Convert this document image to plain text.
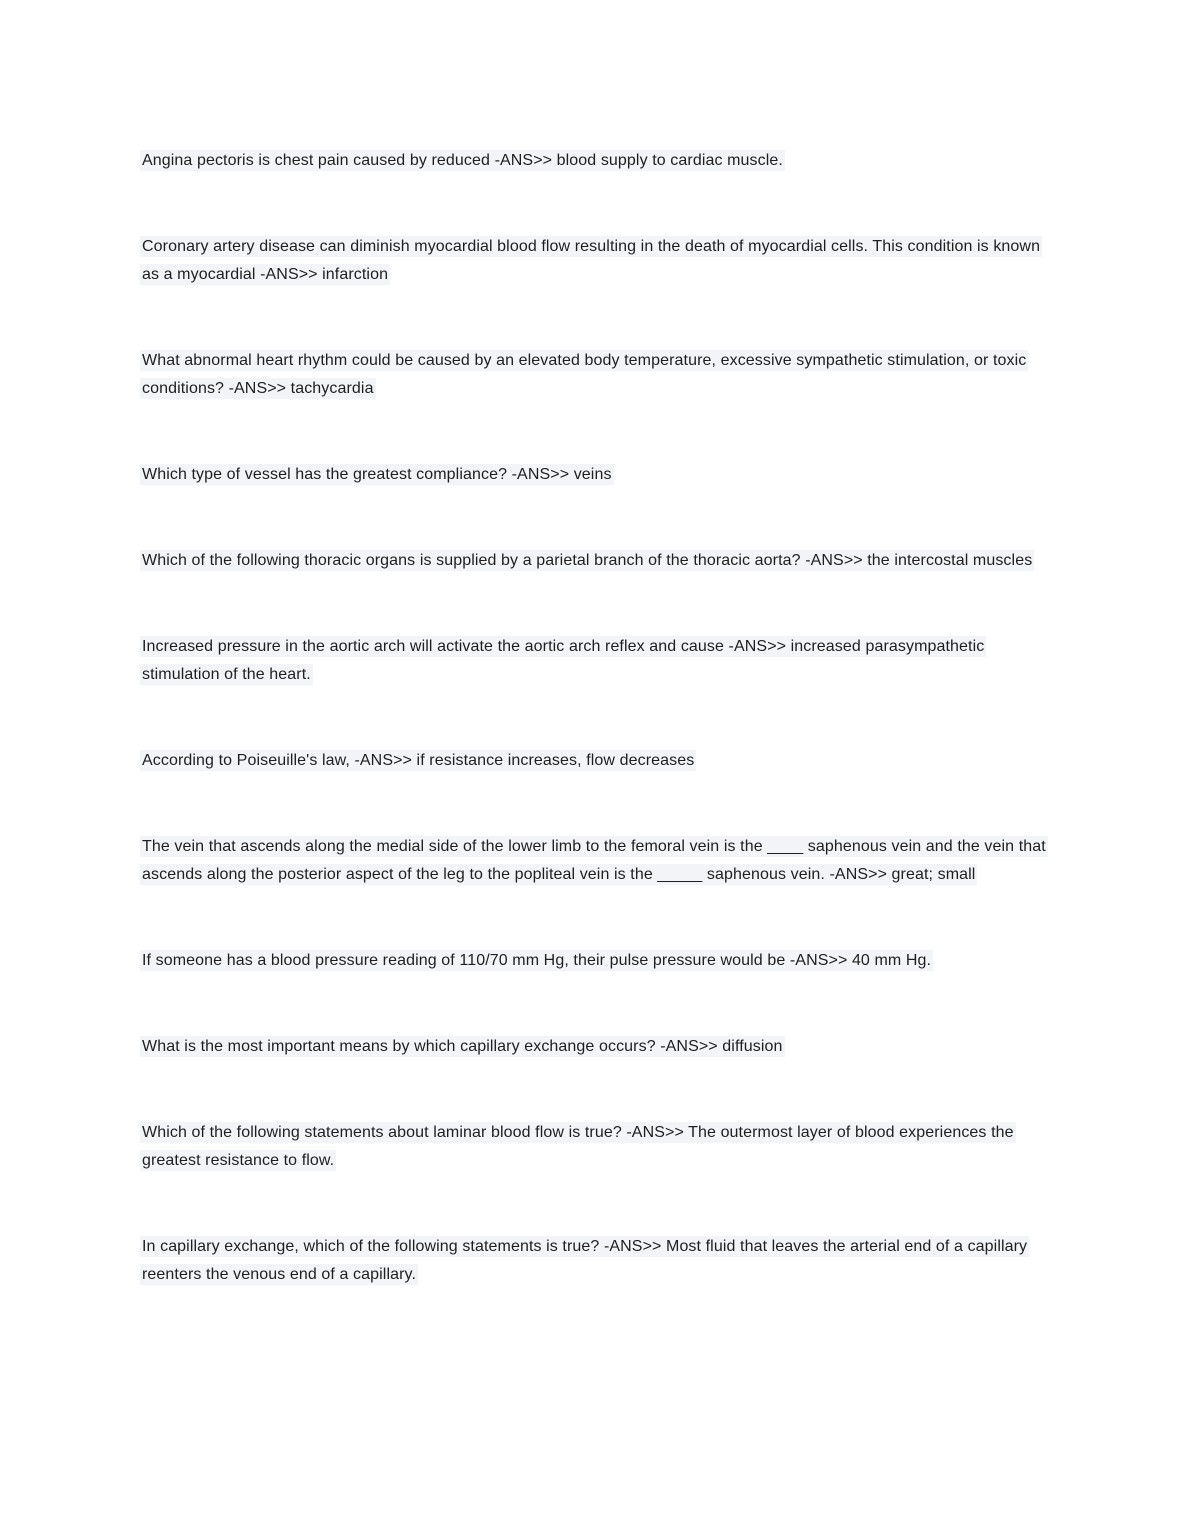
Angina pectoris is chest pain caused by reduced -ANS>> blood supply to cardiac muscle.

Coronary artery disease can diminish myocardial blood flow resulting in the death of myocardial cells. This condition is known as a myocardial -ANS>> infarction

What abnormal heart rhythm could be caused by an elevated body temperature, excessive sympathetic stimulation, or toxic conditions? -ANS>> tachycardia

Which type of vessel has the greatest compliance? -ANS>> veins

Which of the following thoracic organs is supplied by a parietal branch of the thoracic aorta? -ANS>> the intercostal muscles

Increased pressure in the aortic arch will activate the aortic arch reflex and cause -ANS>> increased parasympathetic stimulation of the heart.

According to Poiseuille's law, -ANS>> if resistance increases, flow decreases

The vein that ascends along the medial side of the lower limb to the femoral vein is the ____ saphenous vein and the vein that ascends along the posterior aspect of the leg to the popliteal vein is the _____ saphenous vein. -ANS>> great; small

If someone has a blood pressure reading of 110/70 mm Hg, their pulse pressure would be -ANS>> 40 mm Hg.

What is the most important means by which capillary exchange occurs? -ANS>> diffusion

Which of the following statements about laminar blood flow is true? -ANS>> The outermost layer of blood experiences the greatest resistance to flow.

In capillary exchange, which of the following statements is true? -ANS>> Most fluid that leaves the arterial end of a capillary reenters the venous end of a capillary.
